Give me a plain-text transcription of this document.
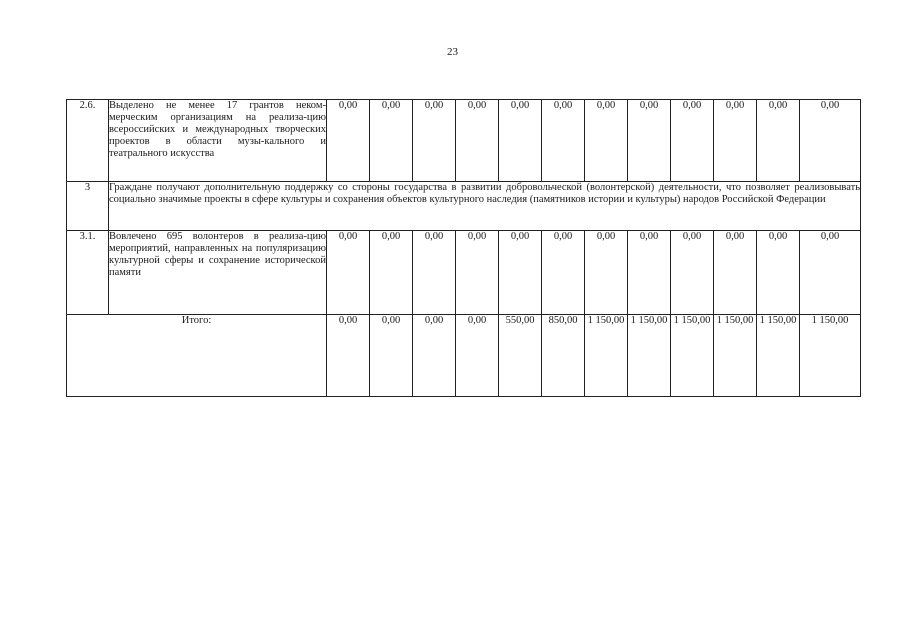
23
2.6.	Выделено не менее 17 грантов неком-мерческим организациям на реализа-цию всероссийских и международных творческих проектов в области музы-кального и театрального искусства	0,00	0,00	0,00	0,00	0,00	0,00	0,00	0,00	0,00	0,00	0,00	0,00
3	Граждане получают дополнительную поддержку со стороны государства в развитии добровольческой (волонтерской) деятельности, что позволяет реализовывать социально значимые проекты в сфере культуры и сохранения объектов культурного наследия (памятников истории и культуры) народов Российской Федерации												
3.1.	Вовлечено 695 волонтеров в реализа-цию мероприятий, направленных на популяризацию культурной сферы и сохранение исторической памяти	0,00	0,00	0,00	0,00	0,00	0,00	0,00	0,00	0,00	0,00	0,00	0,00
Итого:		0,00	0,00	0,00	0,00	550,00	850,00	1 150,00	1 150,00	1 150,00	1 150,00	1 150,00	1 150,00
